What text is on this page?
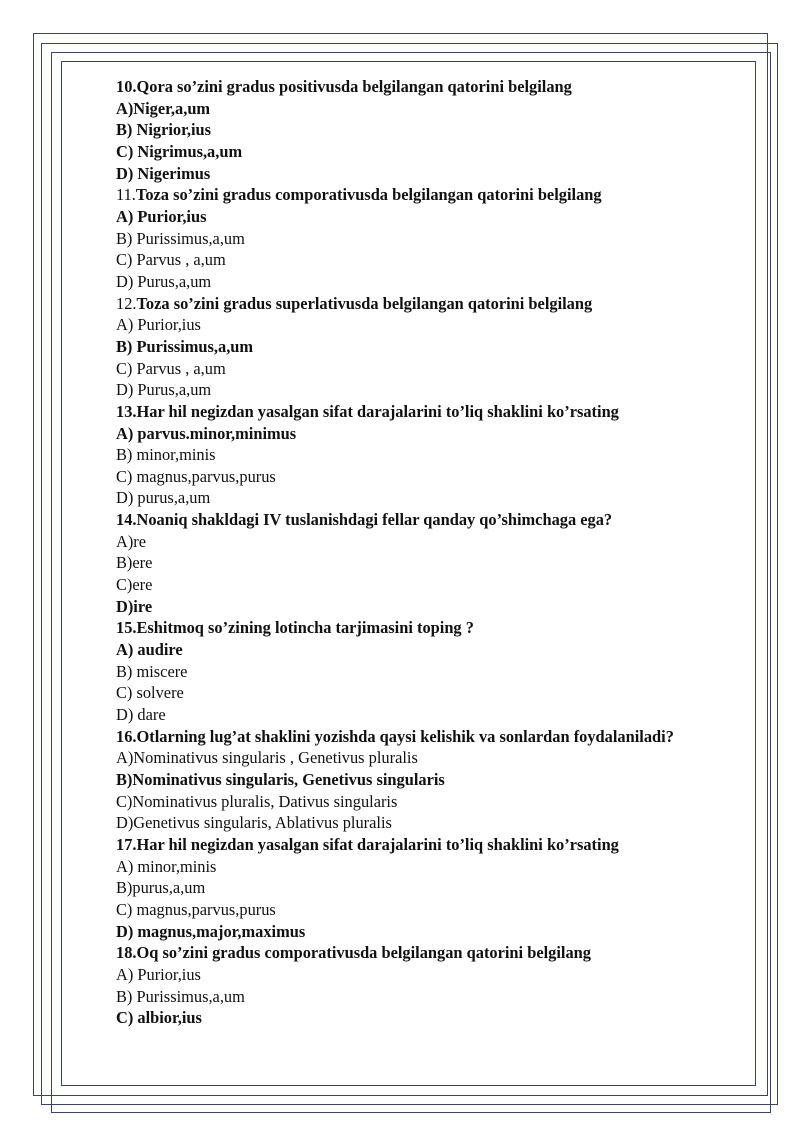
10.Qora so’zini gradus positivusda belgilangan qatorini belgilang
A)Niger,a,um
B) Nigrior,ius
C) Nigrimus,a,um
D) Nigerimus
11.Toza so’zini gradus comporativusda belgilangan qatorini belgilang
A) Purior,ius
B) Purissimus,a,um
C) Parvus , a,um
D) Purus,a,um
12.Toza so’zini gradus superlativusda belgilangan qatorini belgilang
A) Purior,ius
B) Purissimus,a,um
C) Parvus , a,um
D) Purus,a,um
13.Har hil negizdan yasalgan sifat darajalarini to’liq shaklini ko’rsating
A) parvus.minor,minimus
B) minor,minis
C) magnus,parvus,purus
D) purus,a,um
14.Noaniq shakldagi IV tuslanishdagi fellar qanday qo’shimchaga ega?
A)re
B)ere
C)ere
D)ire
15.Eshitmoq so’zining lotincha tarjimasini toping ?
A) audire
B) miscere
C) solvere
D) dare
16.Otlarning lug’at shaklini yozishda qaysi kelishik va sonlardan foydalaniladi?
A)Nominativus singularis , Genetivus pluralis
B)Nominativus singularis, Genetivus singularis
C)Nominativus pluralis, Dativus singularis
D)Genetivus singularis, Ablativus pluralis
17.Har hil negizdan yasalgan sifat darajalarini to’liq shaklini ko’rsating
A) minor,minis
B)purus,a,um
C) magnus,parvus,purus
D) magnus,major,maximus
18.Oq so’zini gradus comporativusda belgilangan qatorini belgilang
A) Purior,ius
B) Purissimus,a,um
C) albior,ius
